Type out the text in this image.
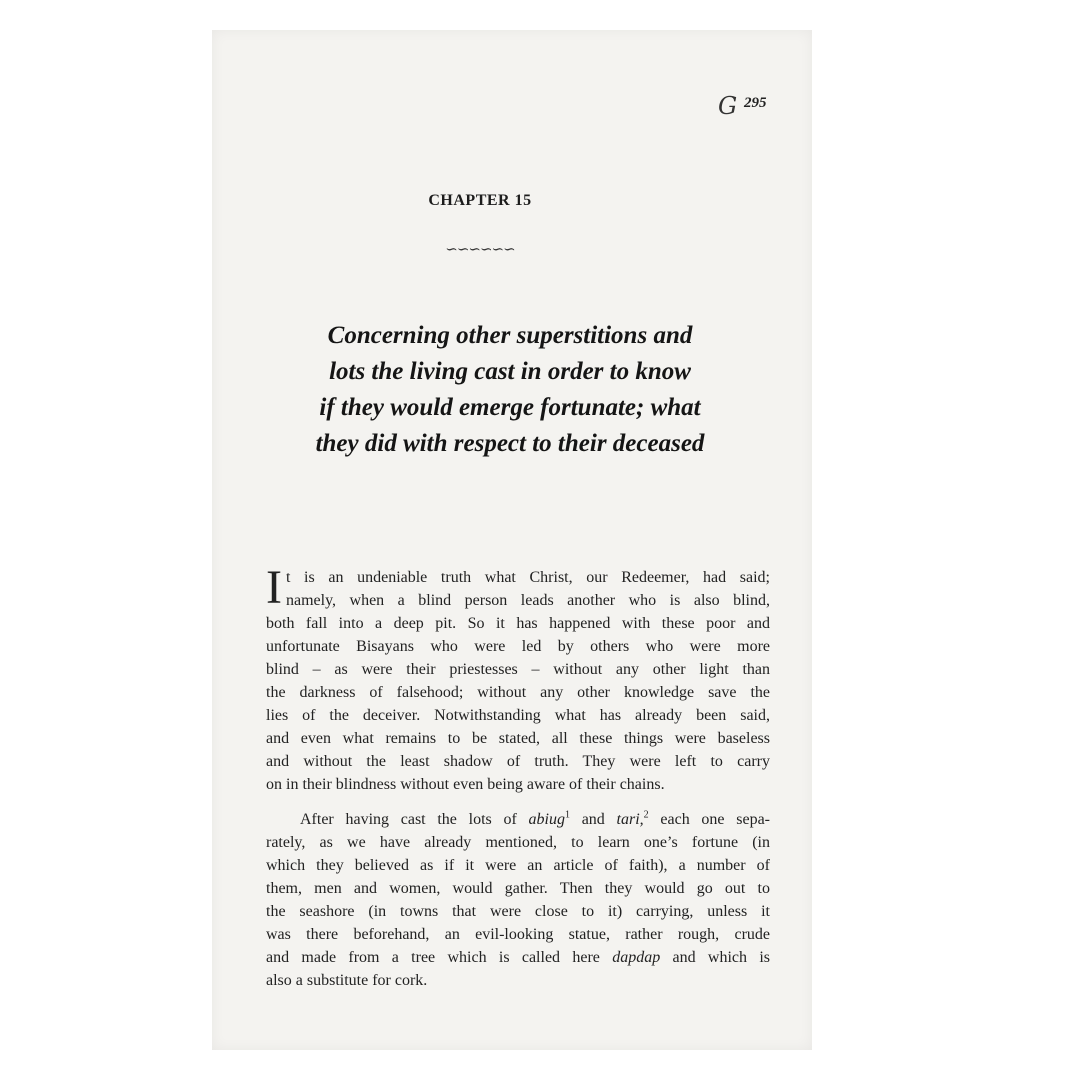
G 295
CHAPTER 15
∽∽∽∽∽∽
Concerning other superstitions and
lots the living cast in order to know
if they would emerge fortunate; what
they did with respect to their deceased

I t is an undeniable truth what Christ, our Redeemer, had said;
namely, when a blind person leads another who is also blind,
both fall into a deep pit. So it has happened with these poor and
unfortunate Bisayans who were led by others who were more
blind – as were their priestesses – without any other light than
the darkness of falsehood; without any other knowledge save the
lies of the deceiver. Notwithstanding what has already been said,
and even what remains to be stated, all these things were baseless
and without the least shadow of truth. They were left to carry
on in their blindness without even being aware of their chains.

After having cast the lots of abiug$^1$ and tari,$^2$ each one sepa-
rately, as we have already mentioned, to learn one’s fortune (in
which they believed as if it were an article of faith), a number of
them, men and women, would gather. Then they would go out to
the seashore (in towns that were close to it) carrying, unless it
was there beforehand, an evil-looking statue, rather rough, crude
and made from a tree which is called here dapdap and which is
also a substitute for cork.
